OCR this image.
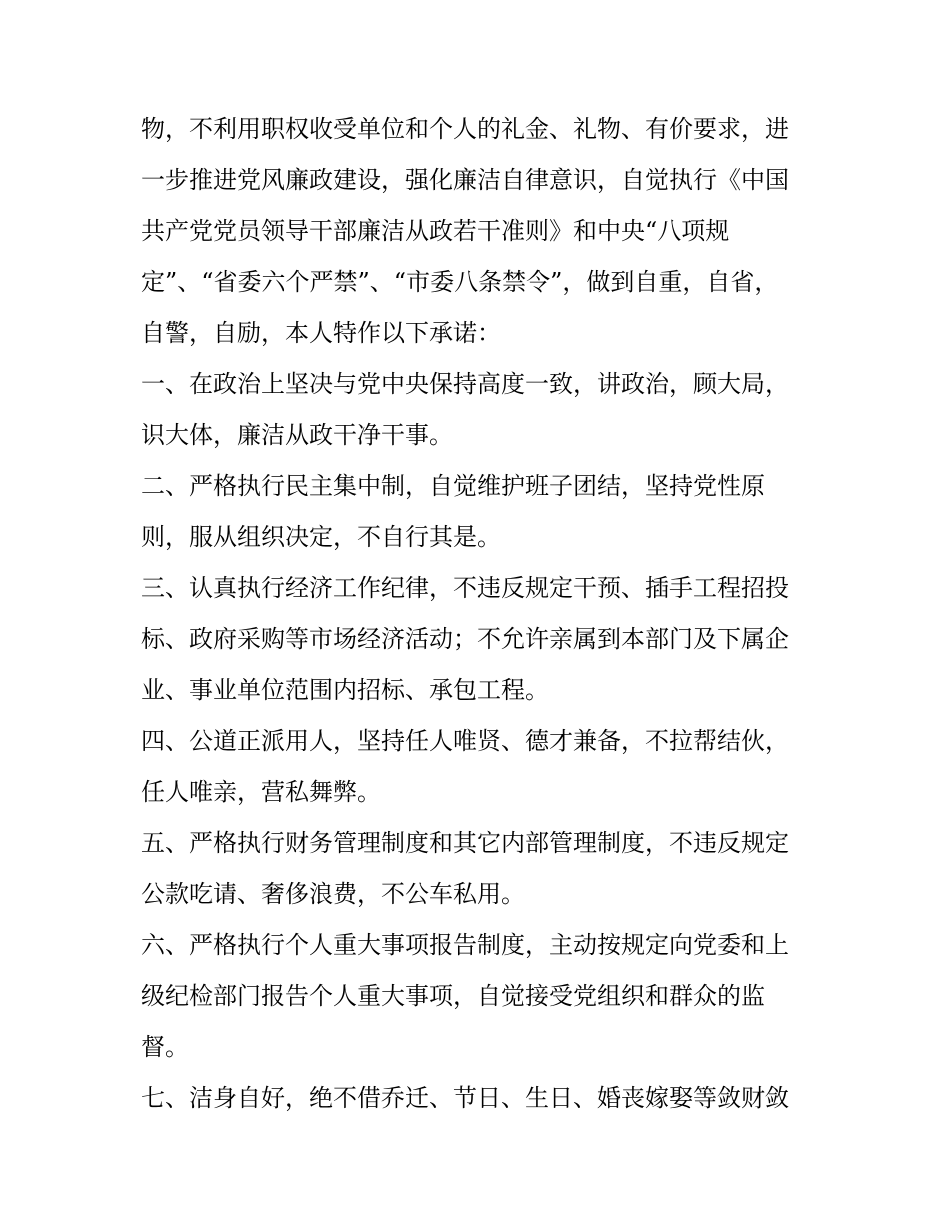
物，不利用职权收受单位和个人的礼金、礼物、有价要求，进
一步推进党风廉政建设，强化廉洁自律意识，自觉执行《中国
共产党党员领导干部廉洁从政若干准则》和中央“八项规
定”、“省委六个严禁”、“市委八条禁令”，做到自重，自省，
自警，自励，本人特作以下承诺：
一、在政治上坚决与党中央保持高度一致，讲政治，顾大局，
识大体，廉洁从政干净干事。
二、严格执行民主集中制，自觉维护班子团结，坚持党性原
则，服从组织决定，不自行其是。
三、认真执行经济工作纪律，不违反规定干预、插手工程招投
标、政府采购等市场经济活动；不允许亲属到本部门及下属企
业、事业单位范围内招标、承包工程。
四、公道正派用人，坚持任人唯贤、德才兼备，不拉帮结伙，
任人唯亲，营私舞弊。
五、严格执行财务管理制度和其它内部管理制度，不违反规定
公款吃请、奢侈浪费，不公车私用。
六、严格执行个人重大事项报告制度，主动按规定向党委和上
级纪检部门报告个人重大事项，自觉接受党组织和群众的监
督。
七、洁身自好，绝不借乔迁、节日、生日、婚丧嫁娶等敛财敛
